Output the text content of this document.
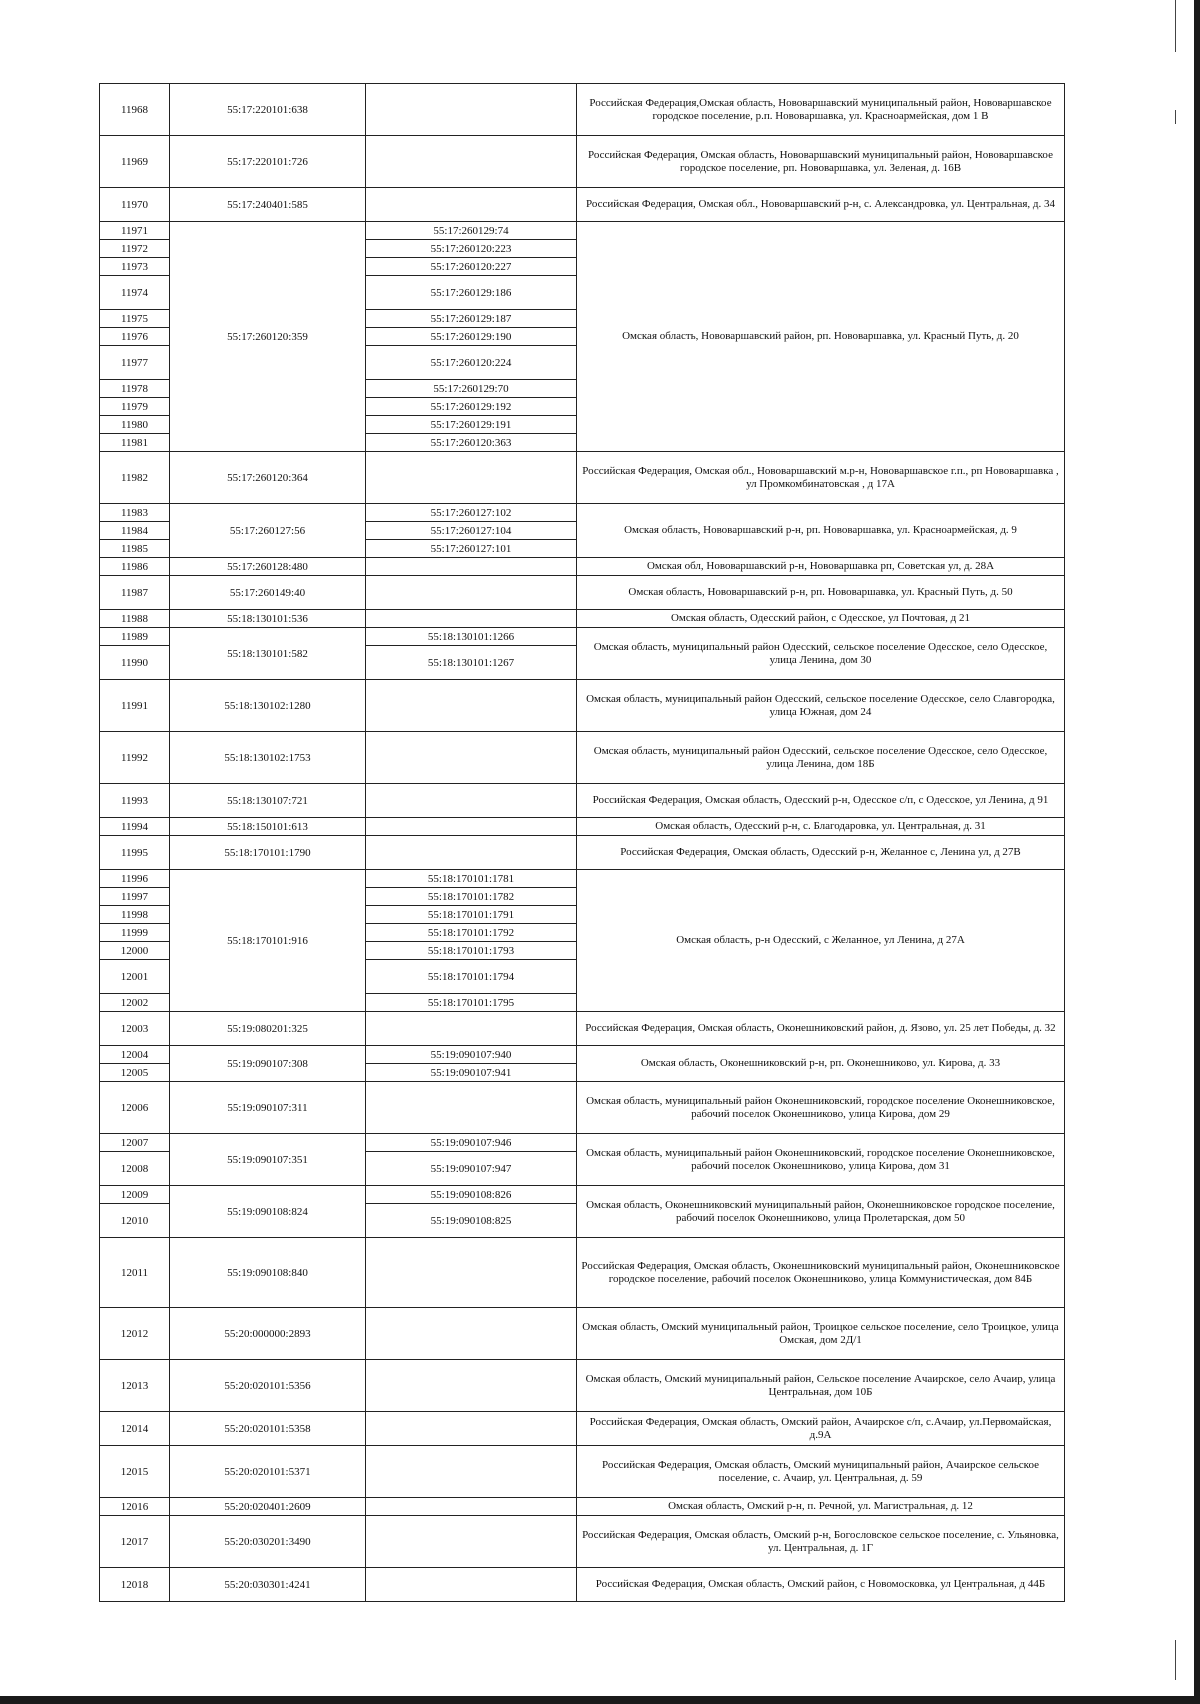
11968	55:17:220101:638		Российская Федерация,Омская область, Нововаршавский муниципальный район, Нововаршавское городское поселение, р.п. Нововаршавка, ул. Красноармейская, дом 1 В
11969	55:17:220101:726		Российская Федерация, Омская область, Нововаршавский муниципальный район, Нововаршавское городское поселение, рп. Нововаршавка, ул. Зеленая, д. 16В
11970	55:17:240401:585		Российская Федерация, Омская обл., Нововаршавский р-н, с. Александровка, ул. Центральная, д. 34
11971	55:17:260120:359	55:17:260129:74	Омская область, Нововаршавский район, рп. Нововаршавка, ул. Красный Путь, д. 20
11972		55:17:260120:223	
11973		55:17:260120:227	
11974		55:17:260129:186	
11975		55:17:260129:187	
11976		55:17:260129:190	
11977		55:17:260120:224	
11978		55:17:260129:70	
11979		55:17:260129:192	
11980		55:17:260129:191	
11981		55:17:260120:363	
11982	55:17:260120:364		Российская Федерация, Омская обл., Нововаршавский м.р-н, Нововаршавское г.п., рп Нововаршавка , ул Промкомбинатовская , д 17А
11983	55:17:260127:56	55:17:260127:102	Омская область, Нововаршавский р-н, рп. Нововаршавка, ул. Красноармейская, д. 9
11984		55:17:260127:104	
11985		55:17:260127:101	
11986	55:17:260128:480		Омская обл, Нововаршавский р-н, Нововаршавка рп, Советская ул, д. 28А
11987	55:17:260149:40		Омская область, Нововаршавский р-н, рп. Нововаршавка, ул. Красный Путь, д. 50
11988	55:18:130101:536		Омская область, Одесский район, с Одесское, ул Почтовая, д 21
11989	55:18:130101:582	55:18:130101:1266	Омская область, муниципальный район Одесский, сельское поселение Одесское, село Одесское, улица Ленина, дом 30
11990		55:18:130101:1267	
11991	55:18:130102:1280		Омская область, муниципальный район Одесский, сельское поселение Одесское, село Славгородка, улица Южная, дом 24
11992	55:18:130102:1753		Омская область, муниципальный район Одесский, сельское поселение Одесское, село Одесское, улица Ленина, дом 18Б
11993	55:18:130107:721		Российская Федерация, Омская область, Одесский р-н, Одесское с/п, с Одесское, ул Ленина, д 91
11994	55:18:150101:613		Омская область, Одесский р-н, с. Благодаровка, ул. Центральная, д. 31
11995	55:18:170101:1790		Российская Федерация, Омская область, Одесский р-н, Желанное с, Ленина ул, д 27В
11996	55:18:170101:916	55:18:170101:1781	Омская область, р-н Одесский, с Желанное, ул Ленина, д 27А
11997		55:18:170101:1782	
11998		55:18:170101:1791	
11999		55:18:170101:1792	
12000		55:18:170101:1793	
12001		55:18:170101:1794	
12002		55:18:170101:1795	
12003	55:19:080201:325		Российская Федерация, Омская область, Оконешниковский район, д. Язово, ул. 25 лет Победы, д. 32
12004	55:19:090107:308	55:19:090107:940	Омская область, Оконешниковский р-н, рп. Оконешниково, ул. Кирова, д. 33
12005		55:19:090107:941	
12006	55:19:090107:311		Омская область, муниципальный район Оконешниковский, городское поселение Оконешниковское, рабочий поселок Оконешниково, улица Кирова, дом 29
12007	55:19:090107:351	55:19:090107:946	Омская область, муниципальный район Оконешниковский, городское поселение Оконешниковское, рабочий поселок Оконешниково, улица Кирова, дом 31
12008		55:19:090107:947	
12009	55:19:090108:824	55:19:090108:826	Омская область, Оконешниковский муниципальный район, Оконешниковское городское поселение, рабочий поселок Оконешниково, улица Пролетарская, дом 50
12010		55:19:090108:825	
12011	55:19:090108:840		Российская Федерация, Омская область, Оконешниковский муниципальный район, Оконешниковское городское поселение, рабочий поселок Оконешниково, улица Коммунистическая, дом 84Б
12012	55:20:000000:2893		Омская область, Омский муниципальный район, Троицкое сельское поселение, село Троицкое, улица Омская, дом 2Д/1
12013	55:20:020101:5356		Омская область, Омский муниципальный район, Сельское поселение Ачаирское, село Ачаир, улица Центральная, дом 10Б
12014	55:20:020101:5358		Российская Федерация, Омская область, Омский район, Ачаирское с/п, с.Ачаир, ул.Первомайская, д.9А
12015	55:20:020101:5371		Российская Федерация, Омская область, Омский муниципальный район, Ачаирское сельское поселение, с. Ачаир, ул. Центральная, д. 59
12016	55:20:020401:2609		Омская область, Омский р-н, п. Речной, ул. Магистральная, д. 12
12017	55:20:030201:3490		Российская Федерация, Омская область, Омский р-н, Богословское сельское поселение, с. Ульяновка, ул. Центральная, д. 1Г
12018	55:20:030301:4241		Российская Федерация, Омская область, Омский район, с Новомосковка, ул Центральная, д 44Б
